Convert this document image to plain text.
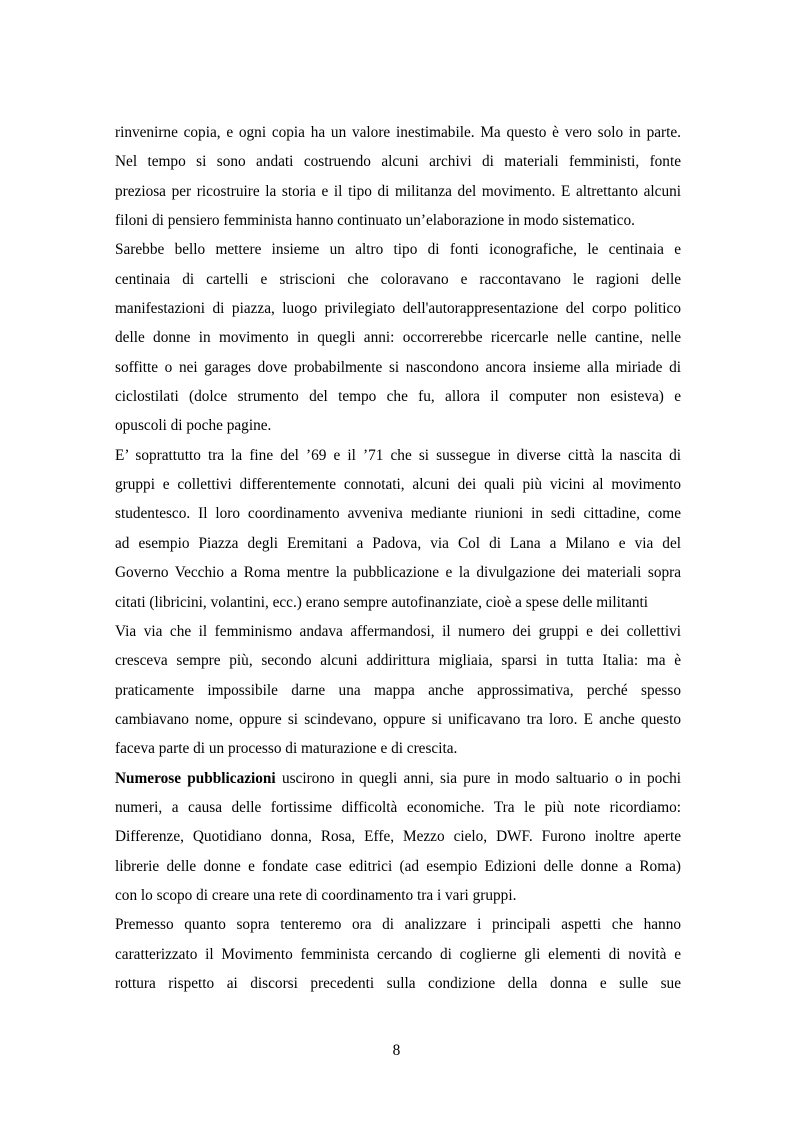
rinvenirne copia, e ogni copia ha un valore inestimabile. Ma questo è vero solo in parte.
Nel tempo si sono andati costruendo alcuni archivi di materiali femministi, fonte
preziosa per ricostruire la storia e il tipo di militanza del movimento. E altrettanto alcuni
filoni di pensiero femminista hanno continuato un’elaborazione in modo sistematico.

Sarebbe bello mettere insieme un altro tipo di fonti iconografiche, le centinaia e
centinaia di cartelli e striscioni che coloravano e raccontavano le ragioni delle
manifestazioni di piazza, luogo privilegiato dell'autorappresentazione del corpo politico
delle donne in movimento in quegli anni: occorrerebbe ricercarle nelle cantine, nelle
soffitte o nei garages dove probabilmente si nascondono ancora insieme alla miriade di
ciclostilati (dolce strumento del tempo che fu, allora il computer non esisteva) e
opuscoli di poche pagine.

E’ soprattutto tra la fine del ’69 e il ’71 che si sussegue in diverse città la nascita di
gruppi e collettivi differentemente connotati, alcuni dei quali più vicini al movimento
studentesco. Il loro coordinamento avveniva mediante riunioni in sedi cittadine, come
ad esempio Piazza degli Eremitani a Padova, via Col di Lana a Milano e via del
Governo Vecchio a Roma mentre la pubblicazione e la divulgazione dei materiali sopra
citati (libricini, volantini, ecc.) erano sempre autofinanziate, cioè a spese delle militanti

Via via che il femminismo andava affermandosi, il numero dei gruppi e dei collettivi
cresceva sempre più, secondo alcuni addirittura migliaia, sparsi in tutta Italia: ma è
praticamente impossibile darne una mappa anche approssimativa, perché spesso
cambiavano nome, oppure si scindevano, oppure si unificavano tra loro. E anche questo
faceva parte di un processo di maturazione e di crescita.

Numerose pubblicazioni uscirono in quegli anni, sia pure in modo saltuario o in pochi
numeri, a causa delle fortissime difficoltà economiche. Tra le più note ricordiamo:
Differenze, Quotidiano donna, Rosa, Effe, Mezzo cielo, DWF. Furono inoltre aperte
librerie delle donne e fondate case editrici (ad esempio Edizioni delle donne a Roma)
con lo scopo di creare una rete di coordinamento tra i vari gruppi.

Premesso quanto sopra tenteremo ora di analizzare i principali aspetti che hanno
caratterizzato il Movimento femminista cercando di coglierne gli elementi di novità e
rottura rispetto ai discorsi precedenti sulla condizione della donna e sulle sue

8
